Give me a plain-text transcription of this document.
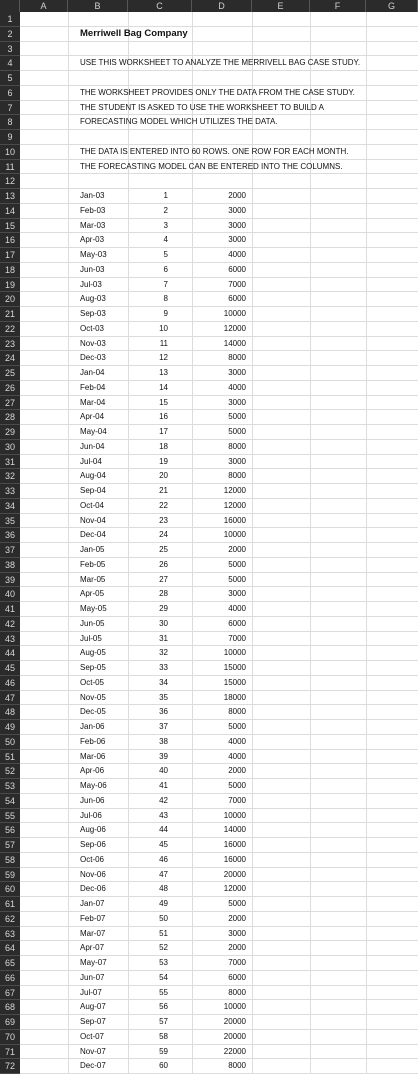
A	B	C	D	E	F	G
1
2
3
4
5
6
7
8
9
10
11
12
13
14
15
16
17
18
19
20
21
22
23
24
25
26
27
28
29
30
31
32
33
34
35
36
37
38
39
40
41
42
43
44
45
46
47
48
49
50
51
52
53
54
55
56
57
58
59
60
61
62
63
64
65
66
67
68
69
70
71
72
Merriwell Bag Company
USE THIS WORKSHEET TO ANALYZE THE MERRIVELL BAG CASE STUDY.
THE WORKSHEET PROVIDES ONLY THE DATA FROM THE CASE STUDY.
THE STUDENT IS ASKED TO USE THE WORKSHEET TO BUILD A
FORECASTING MODEL WHICH UTILIZES THE DATA.
THE DATA IS ENTERED INTO 60 ROWS. ONE ROW FOR EACH MONTH.
THE FORECASTING MODEL CAN BE ENTERED INTO THE COLUMNS.
Jan-03	1	2000
Feb-03	2	3000
Mar-03	3	3000
Apr-03	4	3000
May-03	5	4000
Jun-03	6	6000
Jul-03	7	7000
Aug-03	8	6000
Sep-03	9	10000
Oct-03	10	12000
Nov-03	11	14000
Dec-03	12	8000
Jan-04	13	3000
Feb-04	14	4000
Mar-04	15	3000
Apr-04	16	5000
May-04	17	5000
Jun-04	18	8000
Jul-04	19	3000
Aug-04	20	8000
Sep-04	21	12000
Oct-04	22	12000
Nov-04	23	16000
Dec-04	24	10000
Jan-05	25	2000
Feb-05	26	5000
Mar-05	27	5000
Apr-05	28	3000
May-05	29	4000
Jun-05	30	6000
Jul-05	31	7000
Aug-05	32	10000
Sep-05	33	15000
Oct-05	34	15000
Nov-05	35	18000
Dec-05	36	8000
Jan-06	37	5000
Feb-06	38	4000
Mar-06	39	4000
Apr-06	40	2000
May-06	41	5000
Jun-06	42	7000
Jul-06	43	10000
Aug-06	44	14000
Sep-06	45	16000
Oct-06	46	16000
Nov-06	47	20000
Dec-06	48	12000
Jan-07	49	5000
Feb-07	50	2000
Mar-07	51	3000
Apr-07	52	2000
May-07	53	7000
Jun-07	54	6000
Jul-07	55	8000
Aug-07	56	10000
Sep-07	57	20000
Oct-07	58	20000
Nov-07	59	22000
Dec-07	60	8000
